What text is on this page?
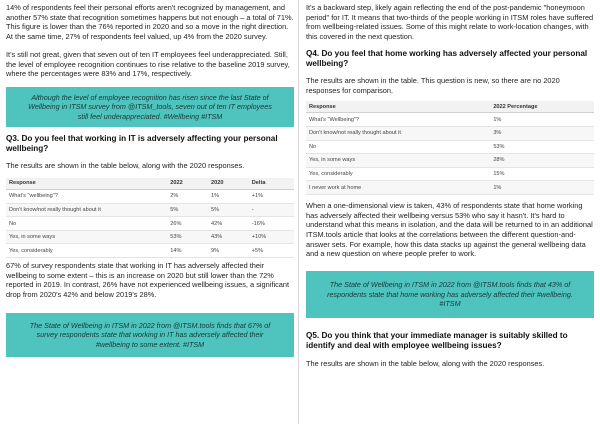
14% of respondents feel their personal efforts aren't recognized by management, and another 57% state that recognition sometimes happens but not enough – a total of 71%. This figure is lower than the 76% reported in 2020 and so a move in the right direction. At the same time, 27% of respondents feel valued, up 4% from the 2020 survey.

It's still not great, given that seven out of ten IT employees feel underappreciated. Still, the level of employee recognition continues to rise relative to the baseline 2019 survey, where the percentages were 83% and 17%, respectively.

Although the level of employee recognition has risen since the last State of Wellbeing in ITSM survey from @ITSM_tools, seven out of ten IT employees still feel underappreciated. #Wellbeing #ITSM
Q3. Do you feel that working in IT is adversely affecting your personal wellbeing?

The results are shown in the table below, along with the 2020 responses.

Response	2022	2020	Delta
What's "wellbeing"?	2%	1%	+1%
Don't know/not really thought about it	5%	5%	-
No	26%	42%	-16%
Yes, in some ways	53%	43%	+10%
Yes, considerably	14%	9%	+5%

67% of survey respondents state that working in IT has adversely affected their wellbeing to some extent – this is an increase on 2020 but still lower than the 72% reported in 2019. In contrast, 26% have not experienced wellbeing issues, a significant drop from 2020's 42% and below 2019's 28%.

The State of Wellbeing in ITSM in 2022 from @ITSM.tools finds that 67% of survey respondents state that working in IT has adversely affected their #wellbeing to some extent. #ITSM

It's a backward step, likely again reflecting the end of the post-pandemic "honeymoon period" for IT. It means that two-thirds of the people working in ITSM roles have suffered from wellbeing-related issues. Some of this might relate to work-location changes, with this covered in the next question.

Q4. Do you feel that home working has adversely affected your personal wellbeing?

The results are shown in the table. This question is new, so there are no 2020 responses for comparison.

Response	2022 Percentage
What's "Wellbeing"?	1%
Don't know/not really thought about it	3%
No	53%
Yes, in some ways	28%
Yes, considerably	15%
I never work at home	1%

When a one-dimensional view is taken, 43% of respondents state that home working has adversely affected their wellbeing versus 53% who say it hasn't. It's hard to understand what this means in isolation, and the data will be returned to in an additional ITSM.tools article that looks at the correlations between the different question-and-answer sets. For example, how this data stacks up against the general wellbeing data and a new question on where people prefer to work.

The State of Wellbeing in ITSM in 2022 from @ITSM.tools finds that 43% of respondents state that home working has adversely affected their #wellbeing. #ITSM
Q5. Do you think that your immediate manager is suitably skilled to identify and deal with employee wellbeing issues?

The results are shown in the table below, along with the 2020 responses.
